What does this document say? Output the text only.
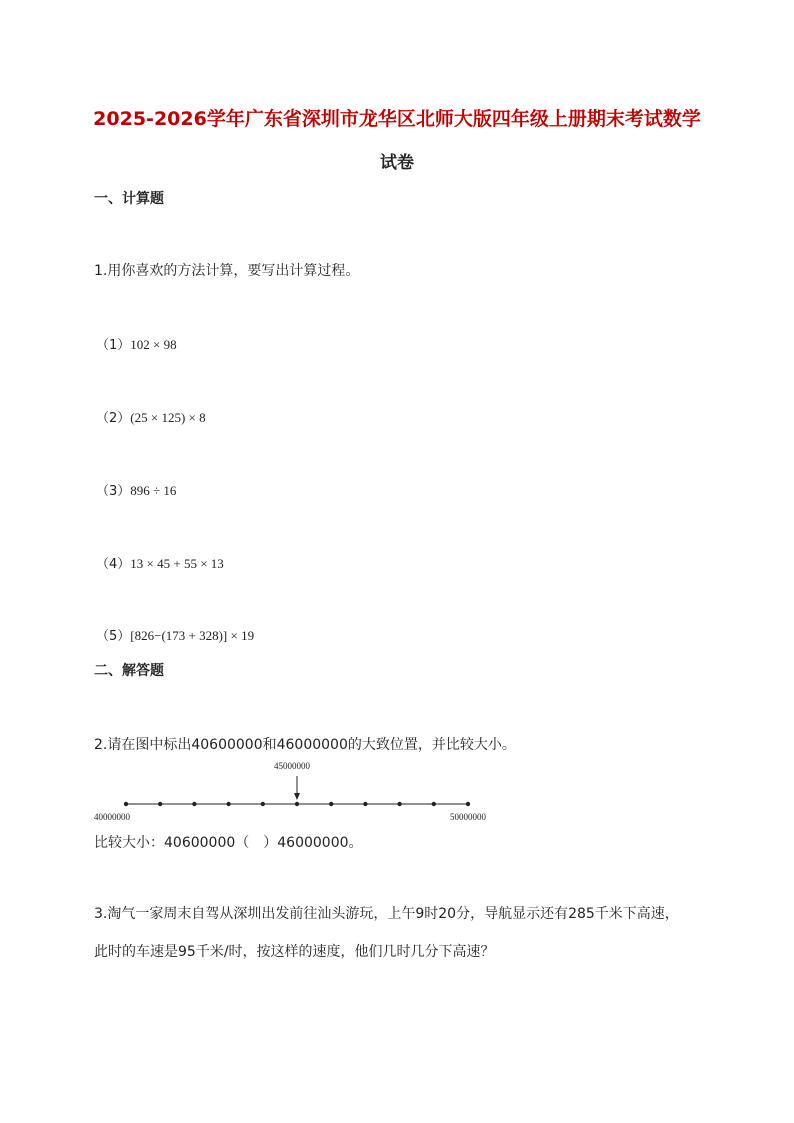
2025-2026学年广东省深圳市龙华区北师大版四年级上册期末考试数学
试卷
一、计算题
1.用你喜欢的方法计算，要写出计算过程。
（1）102 × 98
（2）(25 × 125) × 8
（3）896 ÷ 16
（4）13 × 45 + 55 × 13
（5）[826−(173 + 328)] × 19
二、解答题
2.请在图中标出40600000和46000000的大致位置，并比较大小。
45000000
40000000	50000000
比较大小：40600000（　）46000000。
3.淘气一家周末自驾从深圳出发前往汕头游玩，上午9时20分，导航显示还有285千米下高速，
此时的车速是95千米/时，按这样的速度，他们几时几分下高速？
